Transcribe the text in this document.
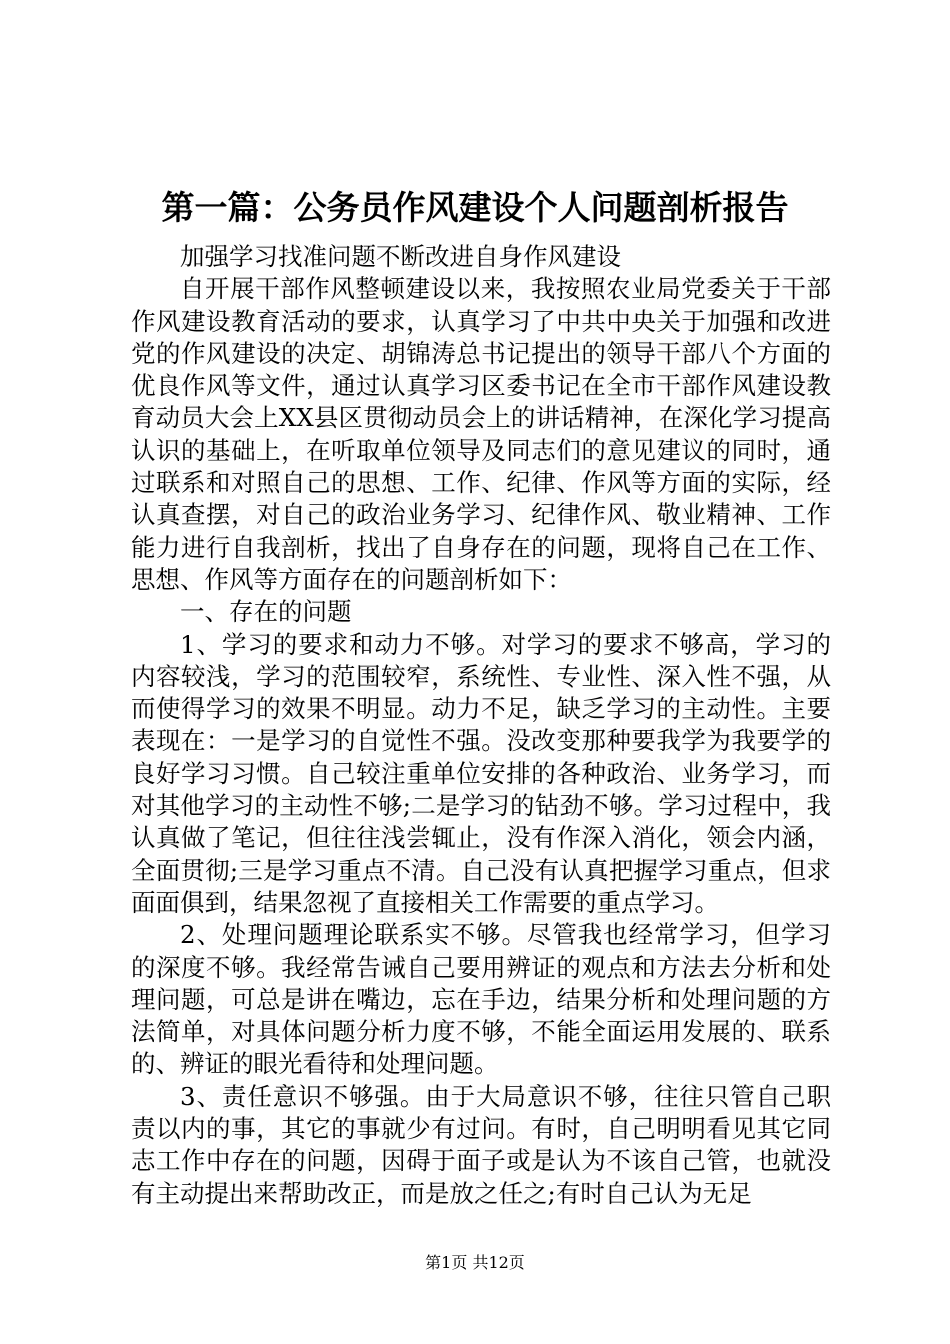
第一篇：公务员作风建设个人问题剖析报告

加强学习找准问题不断改进自身作风建设

自开展干部作风整顿建设以来，我按照农业局党委关于干部作风建设教育活动的要求，认真学习了中共中央关于加强和改进党的作风建设的决定、胡锦涛总书记提出的领导干部八个方面的优良作风等文件，通过认真学习区委书记在全市干部作风建设教育动员大会上XX县区贯彻动员会上的讲话精神，在深化学习提高认识的基础上，在听取单位领导及同志们的意见建议的同时，通过联系和对照自己的思想、工作、纪律、作风等方面的实际，经认真查摆，对自己的政治业务学习、纪律作风、敬业精神、工作能力进行自我剖析，找出了自身存在的问题，现将自己在工作、思想、作风等方面存在的问题剖析如下：

一、存在的问题

1、学习的要求和动力不够。对学习的要求不够高，学习的内容较浅，学习的范围较窄，系统性、专业性、深入性不强，从而使得学习的效果不明显。动力不足，缺乏学习的主动性。主要表现在：一是学习的自觉性不强。没改变那种要我学为我要学的良好学习习惯。自己较注重单位安排的各种政治、业务学习，而对其他学习的主动性不够;二是学习的钻劲不够。学习过程中，我认真做了笔记，但往往浅尝辄止，没有作深入消化，领会内涵，全面贯彻;三是学习重点不清。自己没有认真把握学习重点，但求面面俱到，结果忽视了直接相关工作需要的重点学习。

2、处理问题理论联系实不够。尽管我也经常学习，但学习的深度不够。我经常告诫自己要用辨证的观点和方法去分析和处理问题，可总是讲在嘴边，忘在手边，结果分析和处理问题的方法简单，对具体问题分析力度不够，不能全面运用发展的、联系的、辨证的眼光看待和处理问题。

3、责任意识不够强。由于大局意识不够，往往只管自己职责以内的事，其它的事就少有过问。有时，自己明明看见其它同志工作中存在的问题，因碍于面子或是认为不该自己管，也就没有主动提出来帮助改正，而是放之任之;有时自己认为无足

第1页 共12页
